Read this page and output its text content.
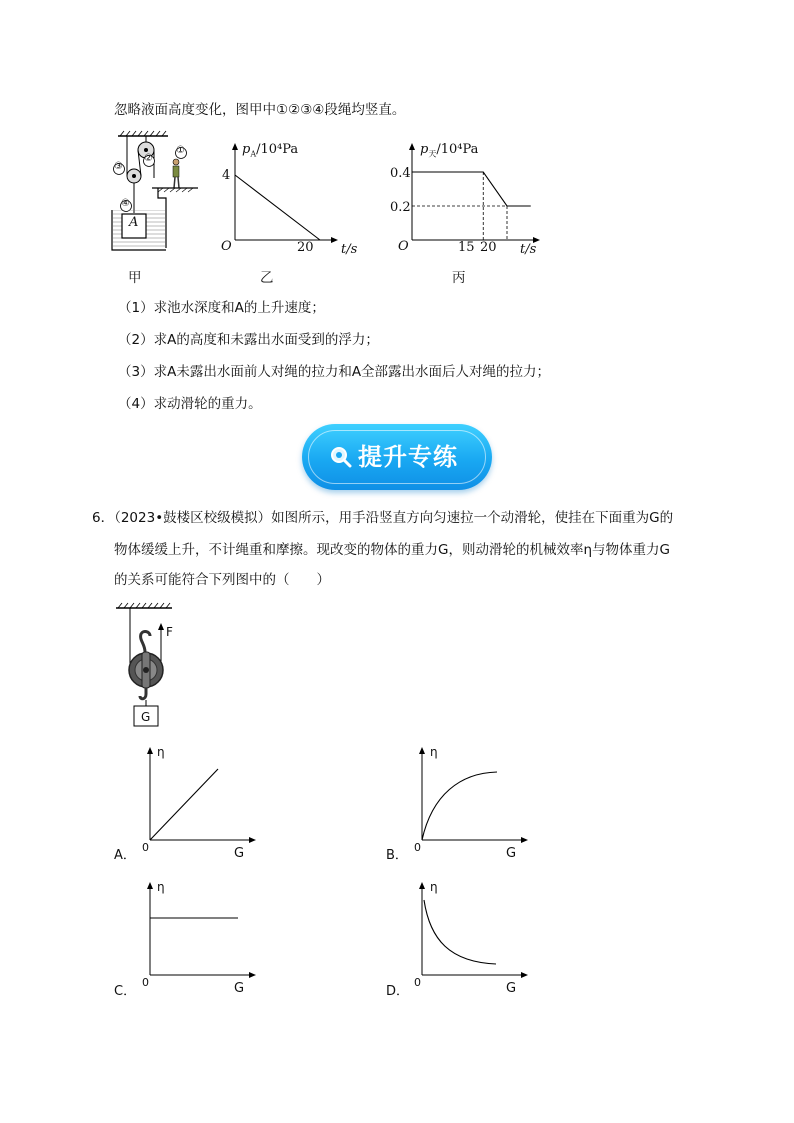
忽略液面高度变化，图甲中①②③④段绳均竖直。
①
②
③
④
A
甲
$p_A/10^4Pa$
4
O	20 t/s
乙
$p_天/10^4Pa$
0.4
0.2
O	15 20 t/s
丙
（1）求池水深度和A的上升速度；
（2）求A的高度和未露出水面受到的浮力；
（3）求A未露出水面前人对绳的拉力和A全部露出水面后人对绳的拉力；
（4）求动滑轮的重力。
提升专练
6．（2023•鼓楼区校级模拟）如图所示，用手沿竖直方向匀速拉一个动滑轮，使挂在下面重为G的
物体缓缓上升，不计绳重和摩擦。现改变的物体的重力G，则动滑轮的机械效率η与物体重力G
的关系可能符合下列图中的（　　）
F
G
η
0	G
A．
η
0	G
B．
η
0	G
C．
η
0	G
D．
